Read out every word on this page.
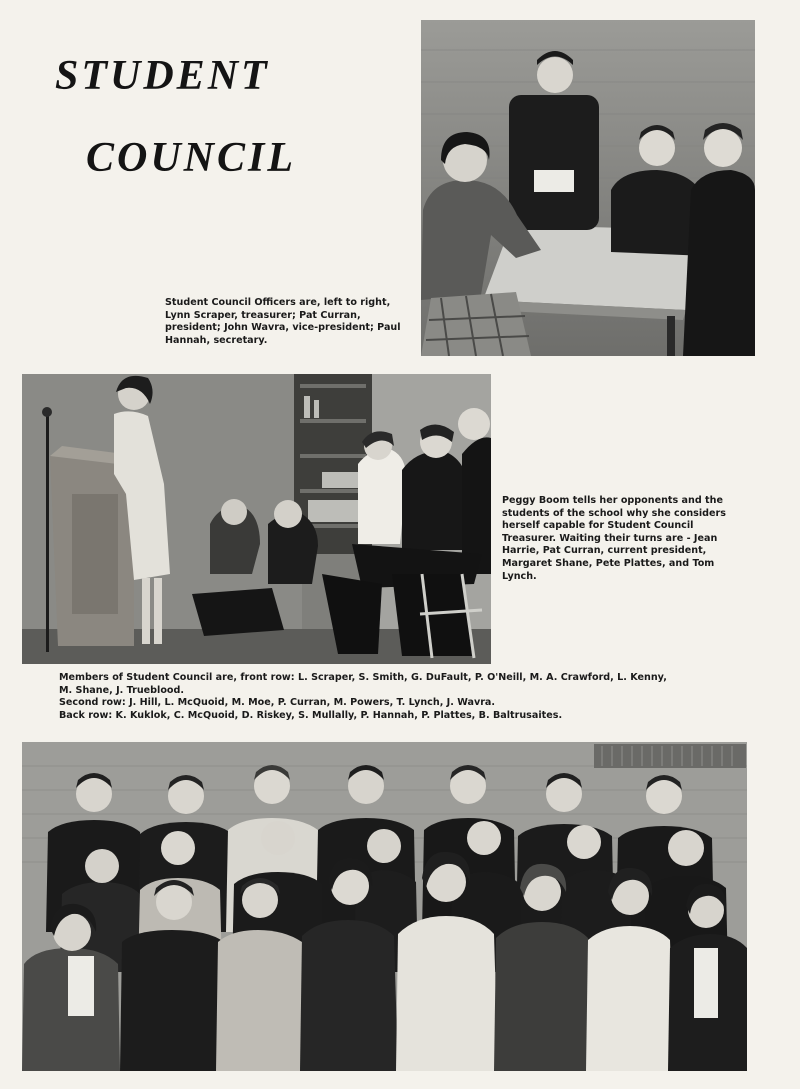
STUDENT
COUNCIL

Student Council Officers are, left to right, Lynn Scraper, treasurer; Pat Curran, president; John Wavra, vice-president; Paul Hannah, secretary.

Peggy Boom tells her opponents and the students of the school why she considers herself capable for Student Council Treasurer. Waiting their turns are - Jean Harrie, Pat Curran, current president, Margaret Shane, Pete Plattes, and Tom Lynch.

Members of Student Council are, front row: L. Scraper, S. Smith, G. DuFault, P. O'Neill, M. A. Crawford, L. Kenny,
M. Shane, J. Trueblood.
Second row: J. Hill, L. McQuoid, M. Moe, P. Curran, M. Powers, T. Lynch, J. Wavra.
Back row: K. Kuklok, C. McQuoid, D. Riskey, S. Mullally, P. Hannah, P. Plattes, B. Baltrusaites.
